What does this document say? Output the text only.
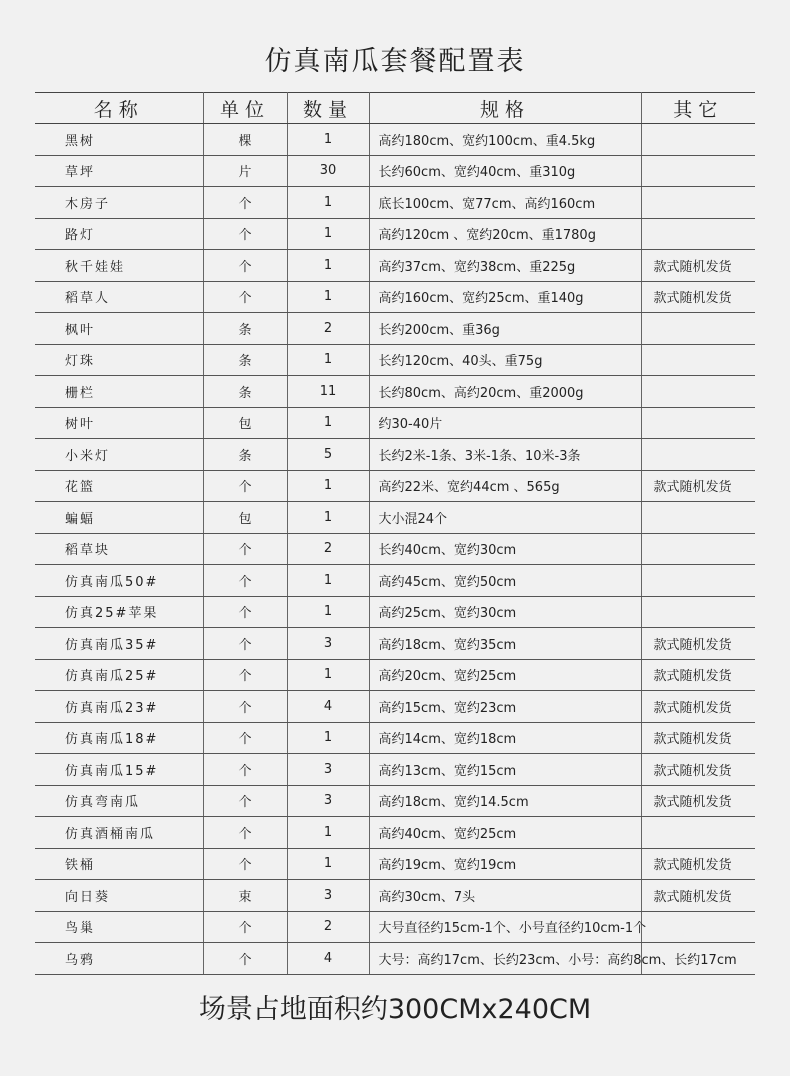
仿真南瓜套餐配置表
名称	单位	数量	规格	其它
黑树	棵	1	高约180cm、宽约100cm、重4.5kg	
草坪	片	30	长约60cm、宽约40cm、重310g	
木房子	个	1	底长100cm、宽77cm、高约160cm	
路灯	个	1	高约120cm 、宽约20cm、重1780g	
秋千娃娃	个	1	高约37cm、宽约38cm、重225g	款式随机发货
稻草人	个	1	高约160cm、宽约25cm、重140g	款式随机发货
枫叶	条	2	长约200cm、重36g	
灯珠	条	1	长约120cm、40头、重75g	
栅栏	条	11	长约80cm、高约20cm、重2000g	
树叶	包	1	约30-40片	
小米灯	条	5	长约2米-1条、3米-1条、10米-3条	
花篮	个	1	高约22米、宽约44cm 、565g	款式随机发货
蝙蝠	包	1	大小混24个	
稻草块	个	2	长约40cm、宽约30cm	
仿真南瓜50#	个	1	高约45cm、宽约50cm	
仿真25#苹果	个	1	高约25cm、宽约30cm	
仿真南瓜35#	个	3	高约18cm、宽约35cm	款式随机发货
仿真南瓜25#	个	1	高约20cm、宽约25cm	款式随机发货
仿真南瓜23#	个	4	高约15cm、宽约23cm	款式随机发货
仿真南瓜18#	个	1	高约14cm、宽约18cm	款式随机发货
仿真南瓜15#	个	3	高约13cm、宽约15cm	款式随机发货
仿真弯南瓜	个	3	高约18cm、宽约14.5cm	款式随机发货
仿真酒桶南瓜	个	1	高约40cm、宽约25cm	
铁桶	个	1	高约19cm、宽约19cm	款式随机发货
向日葵	束	3	高约30cm、7头	款式随机发货
鸟巢	个	2	大号直径约15cm-1个、小号直径约10cm-1个	
乌鸦	个	4	大号：高约17cm、长约23cm、小号：高约8cm、长约17cm	
场景占地面积约300CMx240CM
